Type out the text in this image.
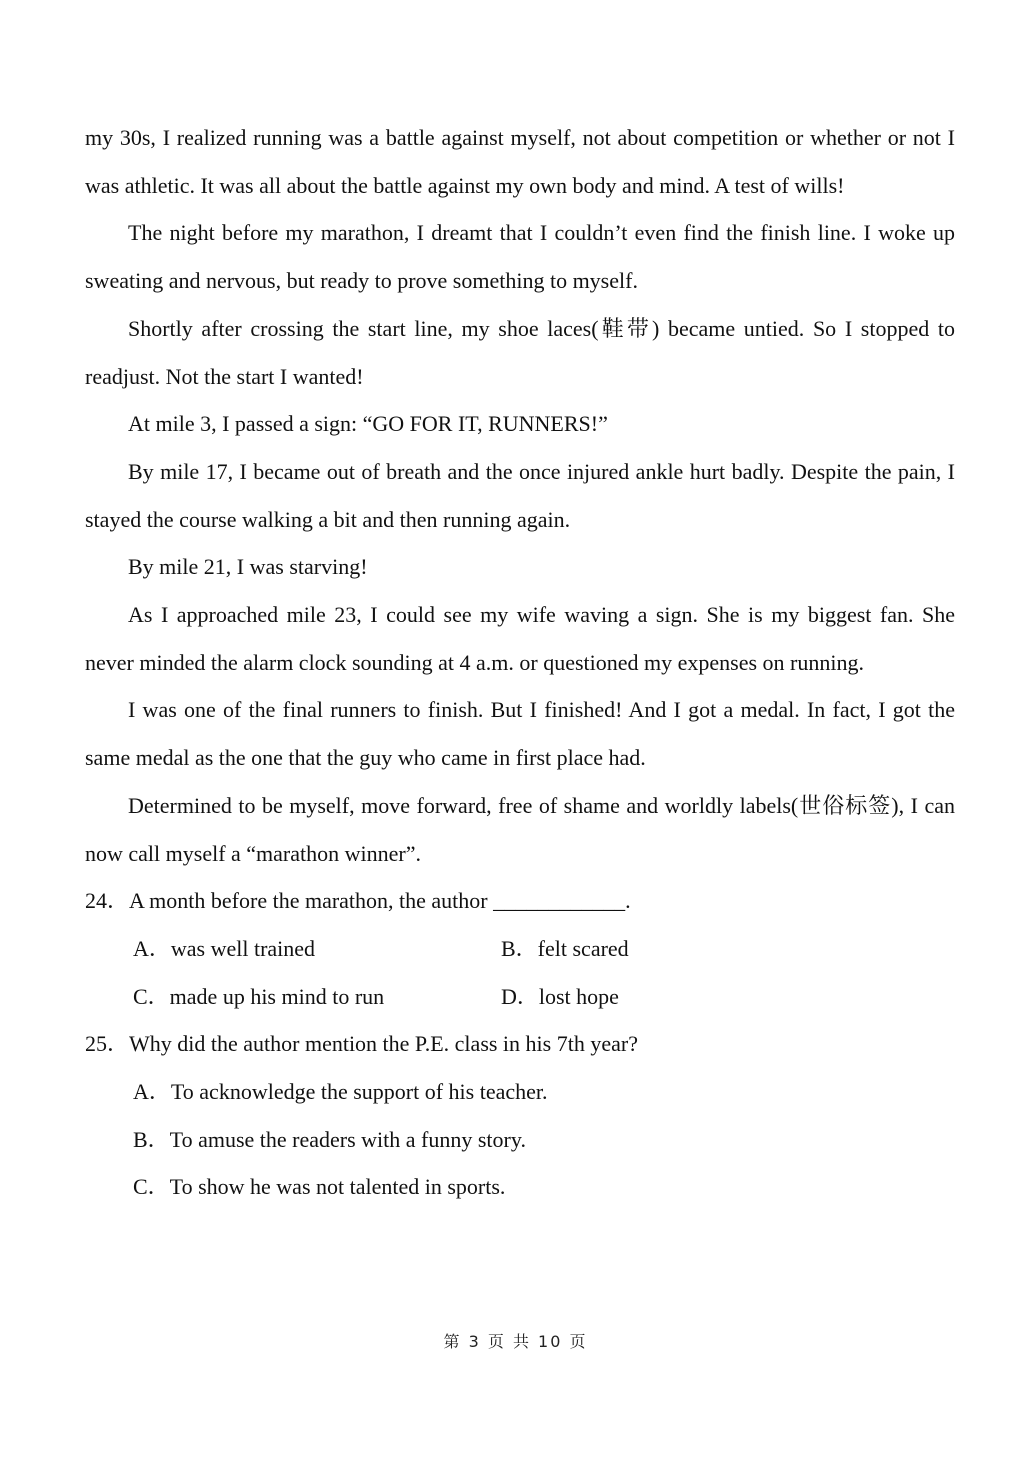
my 30s, I realized running was a battle against myself, not about competition or whether or not I was athletic. It was all about the battle against my own body and mind. A test of wills!

The night before my marathon, I dreamt that I couldn’t even find the finish line. I woke up sweating and nervous, but ready to prove something to myself.

Shortly after crossing the start line, my shoe laces(鞋带) became untied. So I stopped to readjust. Not the start I wanted!

At mile 3, I passed a sign: “GO FOR IT, RUNNERS!”

By mile 17, I became out of breath and the once injured ankle hurt badly. Despite the pain, I stayed the course walking a bit and then running again.

By mile 21, I was starving!

As I approached mile 23, I could see my wife waving a sign. She is my biggest fan. She never minded the alarm clock sounding at 4 a.m. or questioned my expenses on running.

I was one of the final runners to finish. But I finished! And I got a medal. In fact, I got the same medal as the one that the guy who came in first place had.

Determined to be myself, move forward, free of shame and worldly labels(世俗标签), I can now call myself a “marathon winner”.

24．A month before the marathon, the author ____________.

A．was well trained	B．felt scared

C．made up his mind to run	D．lost hope

25．Why did the author mention the P.E. class in his 7th year?

A．To acknowledge the support of his teacher.

B．To amuse the readers with a funny story.

C．To show he was not talented in sports.

第 3 页 共 10 页
